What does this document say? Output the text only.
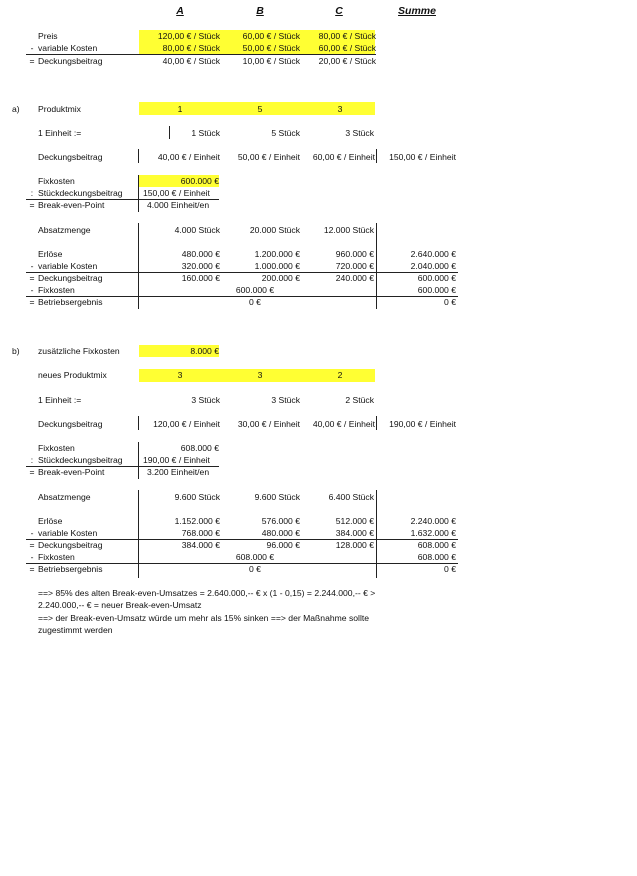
A	B	C	Summe
Preis	120,00 € / Stück	60,00 € / Stück	80,00 € / Stück
- variable Kosten	80,00 € / Stück	50,00 € / Stück	60,00 € / Stück
= Deckungsbeitrag	40,00 € / Stück	10,00 € / Stück	20,00 € / Stück
a) Produktmix	1	5	3
1 Einheit :=	1 Stück	5 Stück	3 Stück
Deckungsbeitrag	40,00 € / Einheit	50,00 € / Einheit	60,00 € / Einheit	150,00 € / Einheit
Fixkosten	600.000 €
: Stückdeckungsbeitrag 150,00 € / Einheit
= Break-even-Point	4.000 Einheit/en
Absatzmenge	4.000 Stück	20.000 Stück	12.000 Stück
Erlöse	480.000 €	1.200.000 €	960.000 €	2.640.000 €
- variable Kosten	320.000 €	1.000.000 €	720.000 €	2.040.000 €
= Deckungsbeitrag	160.000 €	200.000 €	240.000 €	600.000 €
- Fixkosten	600.000 €	600.000 €
= Betriebsergebnis	0 €	0 €
b) zusätzliche Fixkosten	8.000 €
neues Produktmix	3	3	2
1 Einheit :=	3 Stück	3 Stück	2 Stück
Deckungsbeitrag	120,00 € / Einheit	30,00 € / Einheit	40,00 € / Einheit	190,00 € / Einheit
Fixkosten	608.000 €
: Stückdeckungsbeitrag 190,00 € / Einheit
= Break-even-Point	3.200 Einheit/en
Absatzmenge	9.600 Stück	9.600 Stück	6.400 Stück
Erlöse	1.152.000 €	576.000 €	512.000 €	2.240.000 €
- variable Kosten	768.000 €	480.000 €	384.000 €	1.632.000 €
= Deckungsbeitrag	384.000 €	96.000 €	128.000 €	608.000 €
- Fixkosten	608.000 €	608.000 €
= Betriebsergebnis	0 €	0 €
==> 85% des alten Break-even-Umsatzes = 2.640.000,-- € x (1 - 0,15) = 2.244.000,-- € >
2.240.000,-- € = neuer Break-even-Umsatz
==> der Break-even-Umsatz würde um mehr als 15% sinken ==> der Maßnahme sollte
zugestimmt werden
